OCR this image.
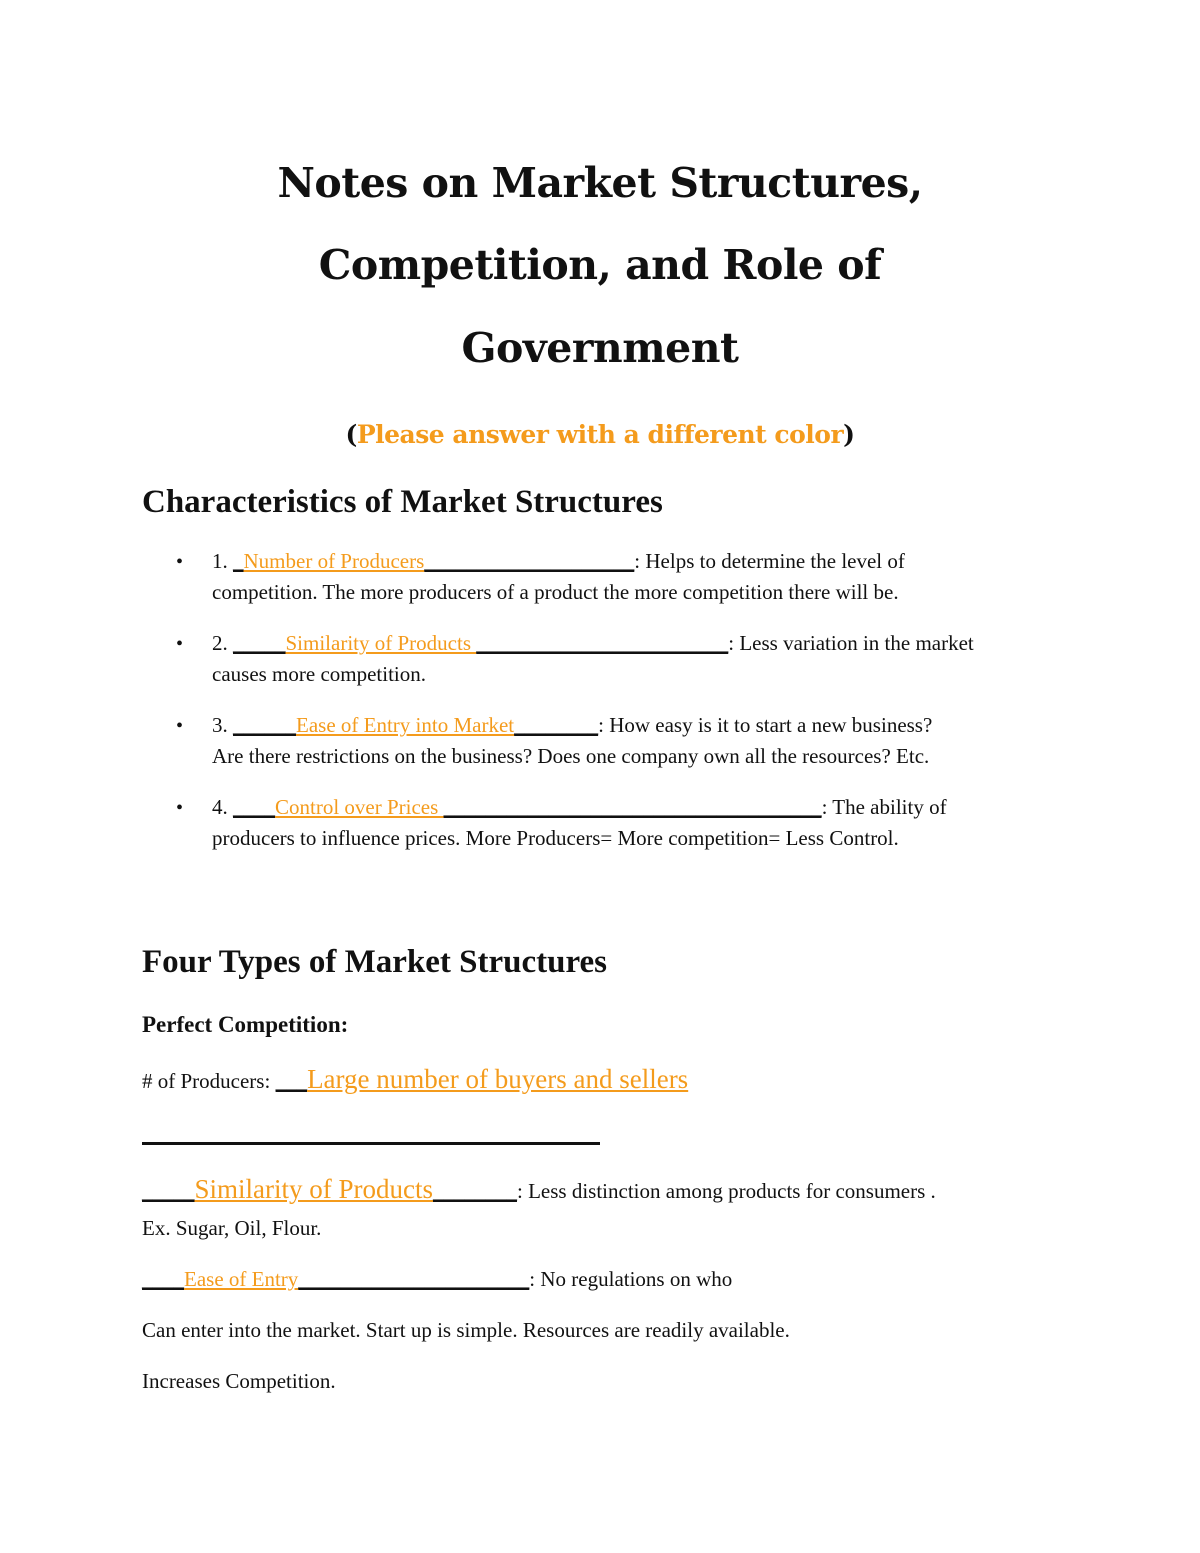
Notes on Market Structures,
Competition, and Role of
Government
(Please answer with a different color)
Characteristics of Market Structures
• 1. _Number of Producers____________________: Helps to determine the level of
competition. The more producers of a product the more competition there will be.
• 2. _____Similarity of Products ________________________: Less variation in the market
causes more competition.
• 3. ______Ease of Entry into Market________: How easy is it to start a new business?
Are there restrictions on the business? Does one company own all the resources? Etc.
• 4. ____Control over Prices ____________________________________: The ability of
producers to influence prices. More Producers= More competition= Less Control.
Four Types of Market Structures
Perfect Competition:
# of Producers: ___Large number of buyers and sellers
_____Similarity of Products________: Less distinction among products for consumers .
Ex. Sugar, Oil, Flour.
____Ease of Entry______________________: No regulations on who
Can enter into the market. Start up is simple. Resources are readily available.
Increases Competition.
